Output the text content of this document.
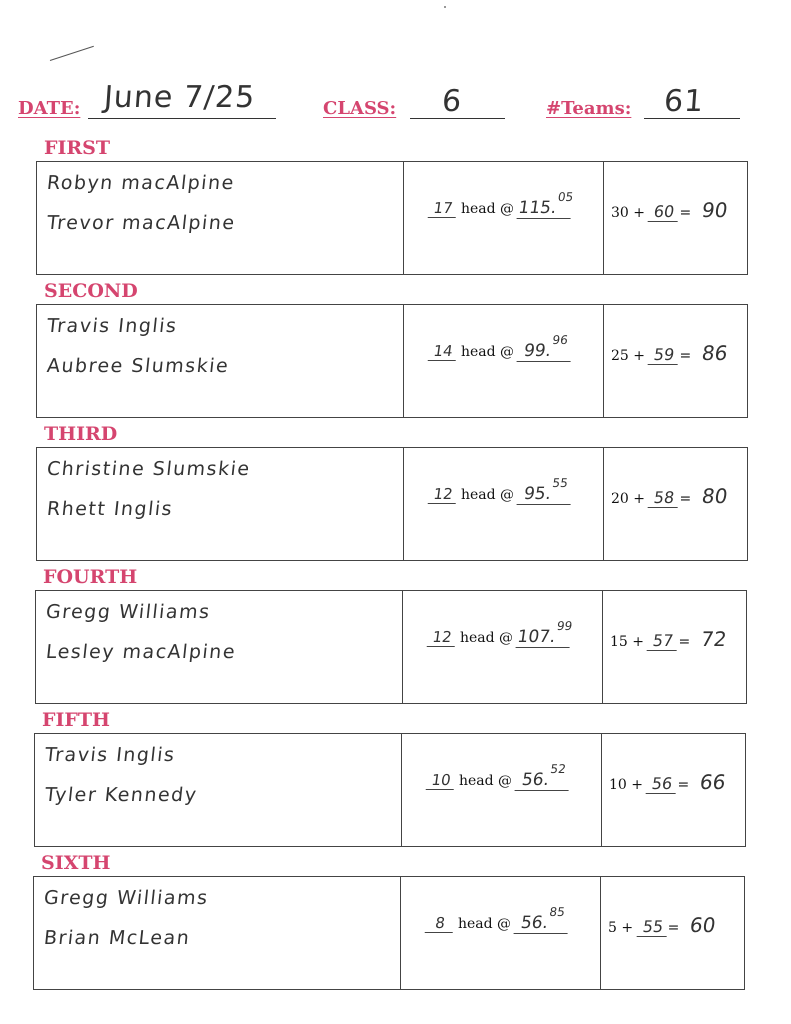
DATE: June 7/25	CLASS: 6	#Teams: 61
FIRST
Robyn macAlpine
Trevor macAlpine
17 head @ 115.05
30 + 60 = 90
SECOND
Travis Inglis
Aubree Slumskie
14 head @ 99.96
25 + 59 = 86
THIRD
Christine Slumskie
Rhett Inglis
12 head @ 95.55
20 + 58 = 80
FOURTH
Gregg Williams
Lesley macAlpine
12 head @ 107.99
15 + 57 = 72
FIFTH
Travis Inglis
Tyler Kennedy
10 head @ 56.52
10 + 56 = 66
SIXTH
Gregg Williams
Brian McLean
8 head @ 56.85
5 + 55 = 60
